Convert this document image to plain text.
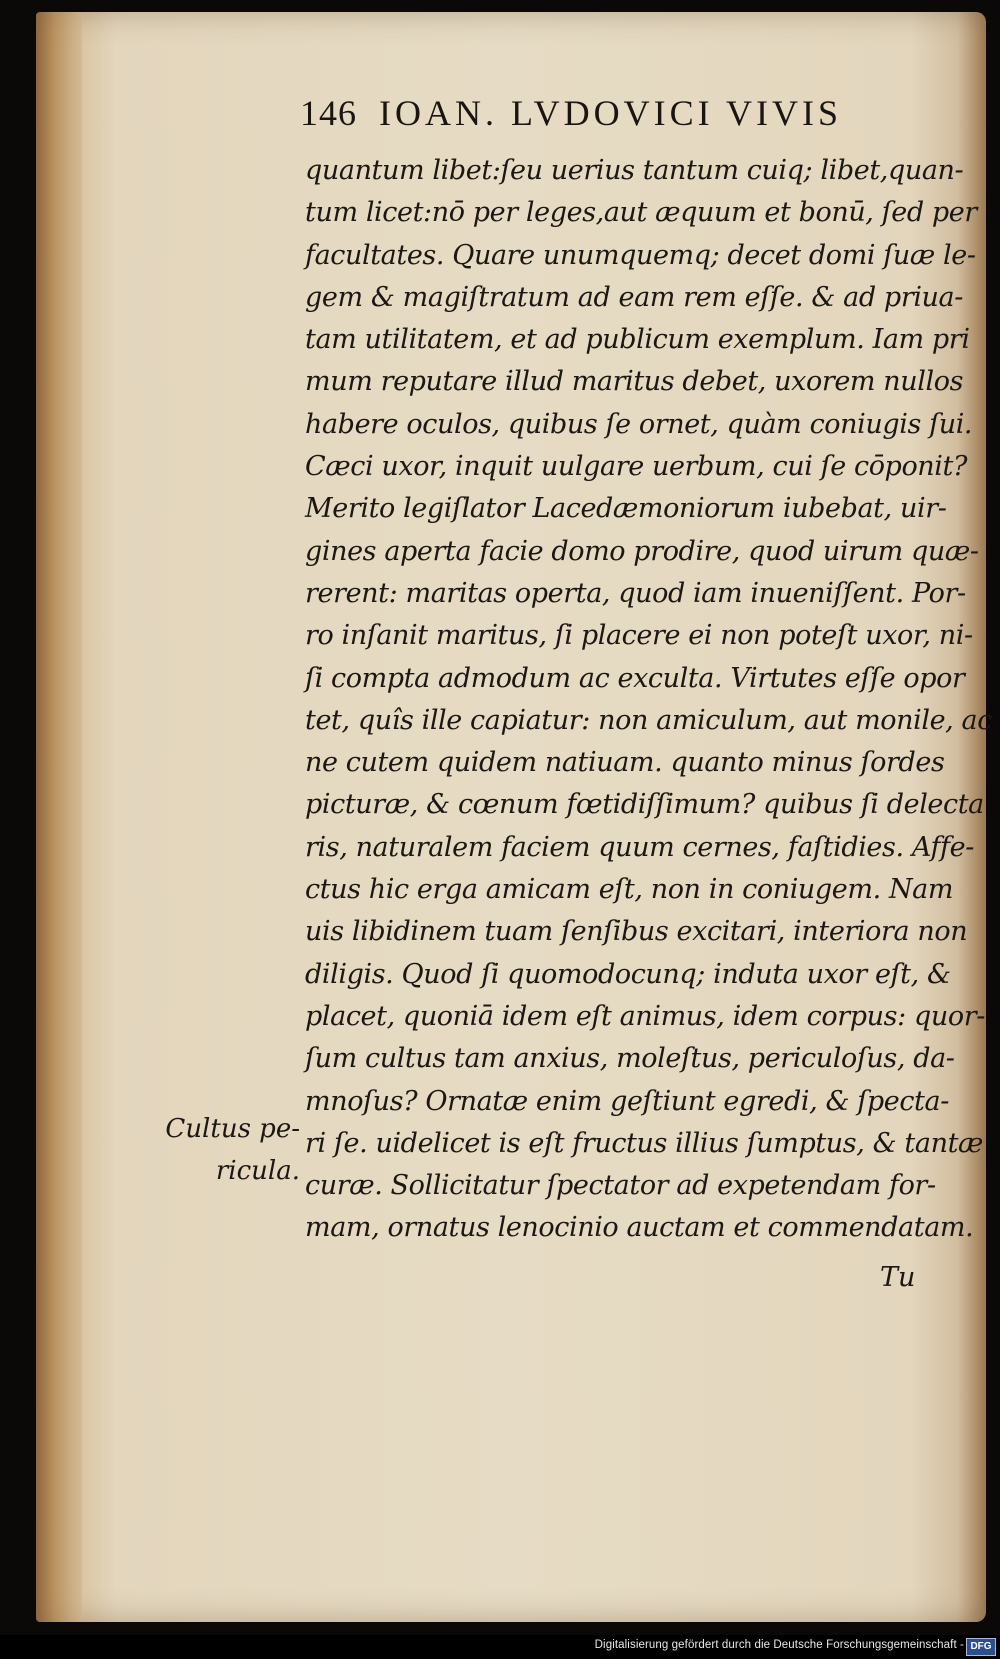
146 IOAN. LVDOVICI VIVIS
quantum libet:ſeu uerius tantum cuiq; libet,quan-
tum licet:nō per leges,aut æquum et bonū, ſed per
facultates. Quare unumquemq; decet domi ſuæ le-
gem & magiſtratum ad eam rem eſſe. & ad priua-
tam utilitatem, et ad publicum exemplum. Iam pri
mum reputare illud maritus debet, uxorem nullos
habere oculos, quibus ſe ornet, quàm coniugis ſui.
Cæci uxor, inquit uulgare uerbum, cui ſe cōponit?
Merito legiſlator Lacedæmoniorum iubebat, uir-
gines aperta facie domo prodire, quod uirum quæ-
rerent: maritas operta, quod iam inueniſſent. Por-
ro inſanit maritus, ſi placere ei non poteſt uxor, ni-
ſi compta admodum ac exculta. Virtutes eſſe opor
tet, quîs ille capiatur: non amiculum, aut monile, ac
ne cutem quidem natiuam. quanto minus ſordes
picturæ, & cœnum fœtidiſſimum? quibus ſi delecta
ris, naturalem faciem quum cernes, faſtidies. Affe-
ctus hic erga amicam eſt, non in coniugem. Nam
uis libidinem tuam ſenſibus excitari, interiora non
diligis. Quod ſi quomodocunq; induta uxor eſt, &
placet, quoniā idem eſt animus, idem corpus: quor-
ſum cultus tam anxius, moleſtus, periculoſus, da-
mnoſus? Ornatæ enim geſtiunt egredi, & ſpecta-
ri ſe. uidelicet is eſt fructus illius ſumptus, & tantæ
curæ. Sollicitatur ſpectator ad expetendam for-
mam, ornatus lenocinio auctam et commendatam.
Cultus pe-
ricula.
Tu
Digitalisierung gefördert durch die Deutsche Forschungsgemeinschaft - DFG
